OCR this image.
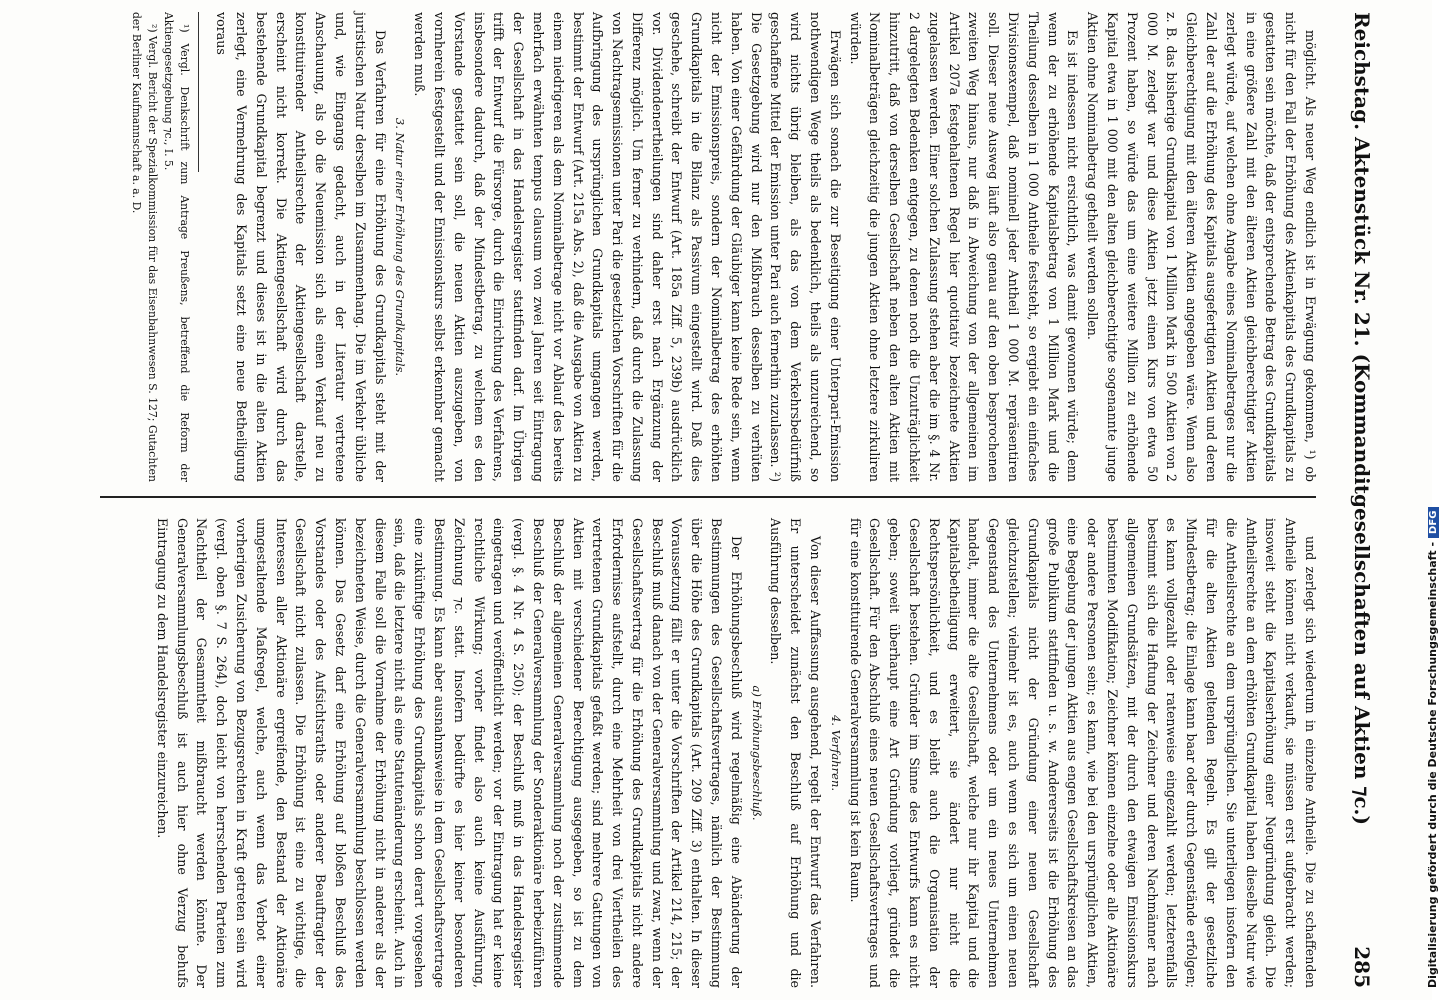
Reichstag. Aktenstück Nr. 21. (Kommanditgesellschaften auf Aktien ⁊c.)
285

möglicht. Als neuer Weg endlich ist in Erwägung gekommen, ¹) ob nicht für den Fall der Erhöhung des Aktienkapitals des Grundkapitals zu gestatten sein möchte, daß der entsprechende Betrag des Grundkapitals in eine größere Zahl mit den älteren Aktien gleichberechtigter Aktien zerlegt würde, auf welchen ohne Angabe eines Nominalbetrages nur die Zahl der auf die Erhöhung des Kapitals ausgefertigten Aktien und deren Gleichberechtigung mit den älteren Aktien angegeben wäre. Wenn also z. B. das bisherige Grundkapital von 1 Million Mark in 500 Aktien von 2 000 M. zerlegt war und diese Aktien jetzt einen Kurs von etwa 50 Prozent haben, so würde das um eine weitere Million zu erhöhende Kapital etwa in 1 000 mit den alten gleichberechtigte sogenannte junge Aktien ohne Nominalbetrag getheilt werden sollen.

Es ist indessen nicht ersichtlich, was damit gewonnen würde; denn wenn der zu erhöhende Kapitalsbetrag von 1 Million Mark und die Theilung desselben in 1 000 Antheile feststeht, so ergiebt ein einfaches Divisionsexempel, daß nominell jeder Antheil 1 000 M. repräsentiren soll. Dieser neue Ausweg läuft also genau auf den oben besprochenen zweiten Weg hinaus, nur daß in Abweichung von der allgemeinen im Artikel 207a festgehaltenen Regel hier quotitativ bezeichnete Aktien zugelassen werden. Einer solchen Zulassung stehen aber die im §. 4 Nr. 2 dargelegten Bedenken entgegen, zu denen noch die Unzuträglichkeit hinzutritt, daß von derselben Gesellschaft neben den alten Aktien mit Nominalbeträgen gleichzeitig die jungen Aktien ohne letztere zirkuliren würden.

Erwägen sich sonach die zur Beseitigung einer Unterpari-Emission nothwendigen Wege theils als bedenklich, theils als unzureichend, so wird nichts übrig bleiben, als das von dem Verkehrsbedürfniß geschaffene Mittel der Emission unter Pari auch fernerhin zuzulassen. ²) Die Gesetzgebung wird nur den Mißbrauch desselben zu verhüten haben. Von einer Gefährdung der Gläubiger kann keine Rede sein, wenn nicht der Emissionspreis, sondern der Nominalbetrag des erhöhten Grundkapitals in die Bilanz als Passivum eingestellt wird. Daß dies geschehe, schreibt der Entwurf (Art. 185a Ziff. 5, 239b) ausdrücklich vor. Dividendenertheilungen sind daher erst nach Ergänzung der Differenz möglich. Um ferner zu verhindern, daß durch die Zulassung von Nachtragsemissionen unter Pari die gesetzlichen Vorschriften für die Aufbringung des ursprünglichen Grundkapitals umgangen werden, bestimmt der Entwurf (Art. 215a Abs. 2), daß die Ausgabe von Aktien zu einem niedrigeren als dem Nominalbetrage nicht vor Ablauf des bereits mehrfach erwähnten tempus clausum von zwei Jahren seit Eintragung der Gesellschaft in das Handelsregister stattfinden darf. Im Übrigen trifft der Entwurf die Fürsorge, durch die Einrichtung des Verfahrens, insbesondere dadurch, daß der Mindestbetrag, zu welchem es den Vorstande gestattet sein soll, die neuen Aktien auszugeben, von vornherein festgestellt und der Emissionskurs selbst erkennbar gemacht werden muß.

3. Natur einer Erhöhung des Grundkapitals.

Das Verfahren für eine Erhöhung des Grundkapitals steht mit der juristischen Natur derselben im Zusammenhang. Die im Verkehr übliche und, wie Eingangs gedacht, auch in der Literatur vertretene Anschauung, als ob die Neuemission sich als einen Verkauf neu zu konstituirender Antheilsrechte der Aktiengesellschaft darstelle, erscheint nicht korrekt. Die Aktiengesellschaft wird durch das bestehende Grundkapital begrenzt und dieses ist in die alten Aktien zerlegt, eine Vermehrung des Kapitals setzt eine neue Betheiligung voraus

¹) Vergl. Denkschrift zum Antrage Preußens, betreffend die Reform der Aktiengesetzgebung ⁊c., I. 5.

²) Vergl. Bericht der Spezialkommission für das Eisenbahnwesen S. 127; Gutachten der Berliner Kaufmannschaft a. a. D.

und zerlegt sich wiederum in einzelne Antheile. Die zu schaffenden Antheile können nicht verkauft, sie müssen erst aufgebracht werden; insoweit steht die Kapitalserhöhung einer Neugründung gleich. Die Antheilsrechte an dem erhöhten Grundkapital haben dieselbe Natur wie die Antheilsrechte an dem ursprünglichen. Sie unterliegen insofern den für die alten Aktien geltenden Regeln. Es gilt der gesetzliche Mindestbetrag; die Einlage kann baar oder durch Gegenstände erfolgen; es kann vollgezahlt oder ratenweise eingezahlt werden; letzterenfalls bestimmt sich die Haftung der Zeichner und deren Nachmänner nach allgemeinen Grundsätzen, mit der durch den etwaigen Emissionskurs bestimmten Modifikation; Zeichner können einzelne oder alle Aktionäre oder andere Personen sein; es kann, wie bei den ursprünglichen Aktien, eine Begebung der jungen Aktien aus engen Gesellschaftskreisen an das große Publikum stattfinden u. s. w. Andererseits ist die Erhöhung des Grundkapitals nicht der Gründung einer neuen Gesellschaft gleichzustellen; vielmehr ist es, auch wenn es sich um einen neuen Gegenstand des Unternehmens oder um ein neues Unternehmen handelt, immer die alte Gesellschaft, welche nur ihr Kapital und die Kapitalsbetheiligung erweitert, sie ändert nur nicht die Rechtspersönlichkeit, und es bleibt auch die Organisation der Gesellschaft bestehen. Gründer im Sinne des Entwurfs kann es nicht geben; soweit überhaupt eine Art Gründung vorliegt, gründet die Gesellschaft. Für den Abschluß eines neuen Gesellschaftsvertrages und für eine konstituirende Generalversammlung ist kein Raum.

4. Verfahren.

Von dieser Auffassung ausgehend, regelt der Entwurf das Verfahren. Er unterscheidet zunächst den Beschluß auf Erhöhung und die Ausführung desselben.

a) Erhöhungsbeschluß.

Der Erhöhungsbeschluß wird regelmäßig eine Abänderung der Bestimmungen des Gesellschaftsvertrages, nämlich der Bestimmung über die Höhe des Grundkapitals (Art. 209 Ziff. 3) enthalten. In dieser Voraussetzung fällt er unter die Vorschriften der Artikel 214, 215; der Beschluß muß danach von der Generalversammlung und zwar, wenn der Gesellschaftsvertrag für die Erhöhung des Grundkapitals nicht andere Erfordernisse aufstellt, durch eine Mehrheit von drei Viertheilen des vertretenen Grundkapitals gefaßt werden; sind mehrere Gattungen von Aktien mit verschiedener Berechtigung ausgegeben, so ist zu dem Beschluß der allgemeinen Generalversammlung noch der zustimmende Beschluß der Generalversammlung der Sonderaktionäre herbeizuführen (vergl. §. 4 Nr. 4 S. 250); der Beschluß muß in das Handelsregister eingetragen und veröffentlicht werden; vor der Eintragung hat er keine rechtliche Wirkung; vorher findet also auch keine Ausführung, Zeichnung ⁊c. statt. Insofern bedürfte es hier keiner besonderen Bestimmung. Es kann aber ausnahmsweise in dem Gesellschaftsvertrage eine zukünftige Erhöhung des Grundkapitals schon derart vorgesehen sein, daß die letztere nicht als eine Statutenänderung erscheint. Auch in diesem Falle soll die Vornahme der Erhöhung nicht in anderer als der bezeichneten Weise, durch die Generalversammlung beschlossen werden können. Das Gesetz darf eine Erhöhung auf bloßen Beschluß des Vorstandes oder des Aufsichtsraths oder anderer Beauftragter der Gesellschaft nicht zulassen. Die Erhöhung ist eine zu wichtige, die Interessen aller Aktionäre ergreifende, den Bestand der Aktionäre umgestaltende Maßregel, welche, auch wenn das Verbot einer vorherigen Zusicherung von Bezugsrechten in Kraft getreten sein wird (vergl. oben §. 7 S. 264), doch leicht von herrschenden Parteien zum Nachtheil der Gesammtheit mißbraucht werden könnte. Der Generalversammlungsbeschluß ist auch hier ohne Verzug behufs Eintragung zu dem Handelsregister einzureichen.	Digitalisierung gefördert durch die Deutsche Forschungsgemeinschaft -DFG
